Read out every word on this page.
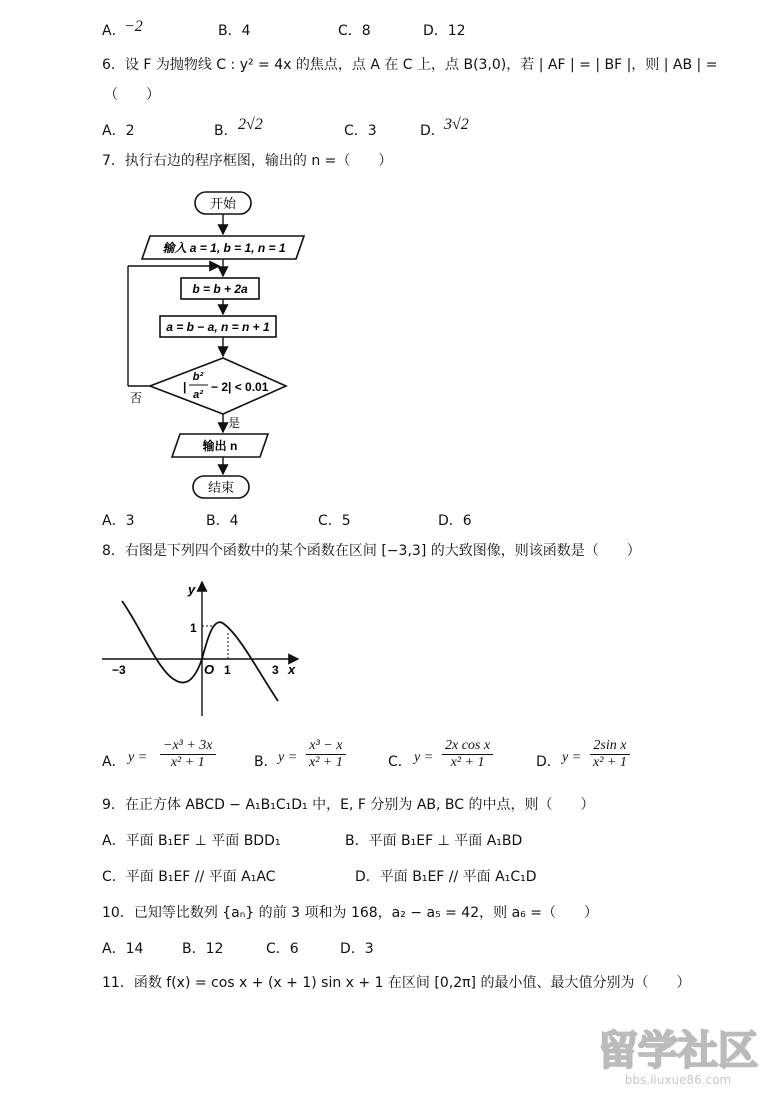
A．
−2	B．4	C．8	D．12
6．设 F 为抛物线 C : y² = 4x 的焦点，点 A 在 C 上，点 B(3,0)，若 | AF | = | BF |，则 | AB | =
（　　）
A．2	B． 2√2	C．3	D． 3√2
7．执行右边的程序框图，输出的 n =（　　）
开始
输入 a = 1, b = 1, n = 1
b = b + 2a
a = b − a, n = n + 1
|
b²
a²
− 2| < 0.01
否
是
输出 n
结束
A．3	B．4	C．5	D．6
8．右图是下列四个函数中的某个函数在区间 [−3,3] 的大致图像，则该函数是（　　）
y
x
O
−3	1	3
1
A． $y = \frac{\text{−x³ + 3x}}{\text{x² + 1}}$	B． $y = \frac{\text{x³ − x}}{\text{x² + 1}}$	C． $y = \frac{\text{2x cos x}}{\text{x² + 1}}$	D． $y = \frac{\text{2sin x}}{\text{x² + 1}}$
9．在正方体 ABCD − A₁B₁C₁D₁ 中，E, F 分别为 AB, BC 的中点，则（　　）
A．平面 B₁EF ⊥ 平面 BDD₁	B．平面 B₁EF ⊥ 平面 A₁BD
C．平面 B₁EF // 平面 A₁AC	D．平面 B₁EF // 平面 A₁C₁D
10．已知等比数列 {aₙ} 的前 3 项和为 168，a₂ − a₅ = 42，则 a₆ =（　　）
A．14	B．12	C．6	D．3
11．函数 f(x) = cos x + (x + 1) sin x + 1 在区间 [0,2π] 的最小值、最大值分别为（　　）
留学社区
bbs.liuxue86.com
